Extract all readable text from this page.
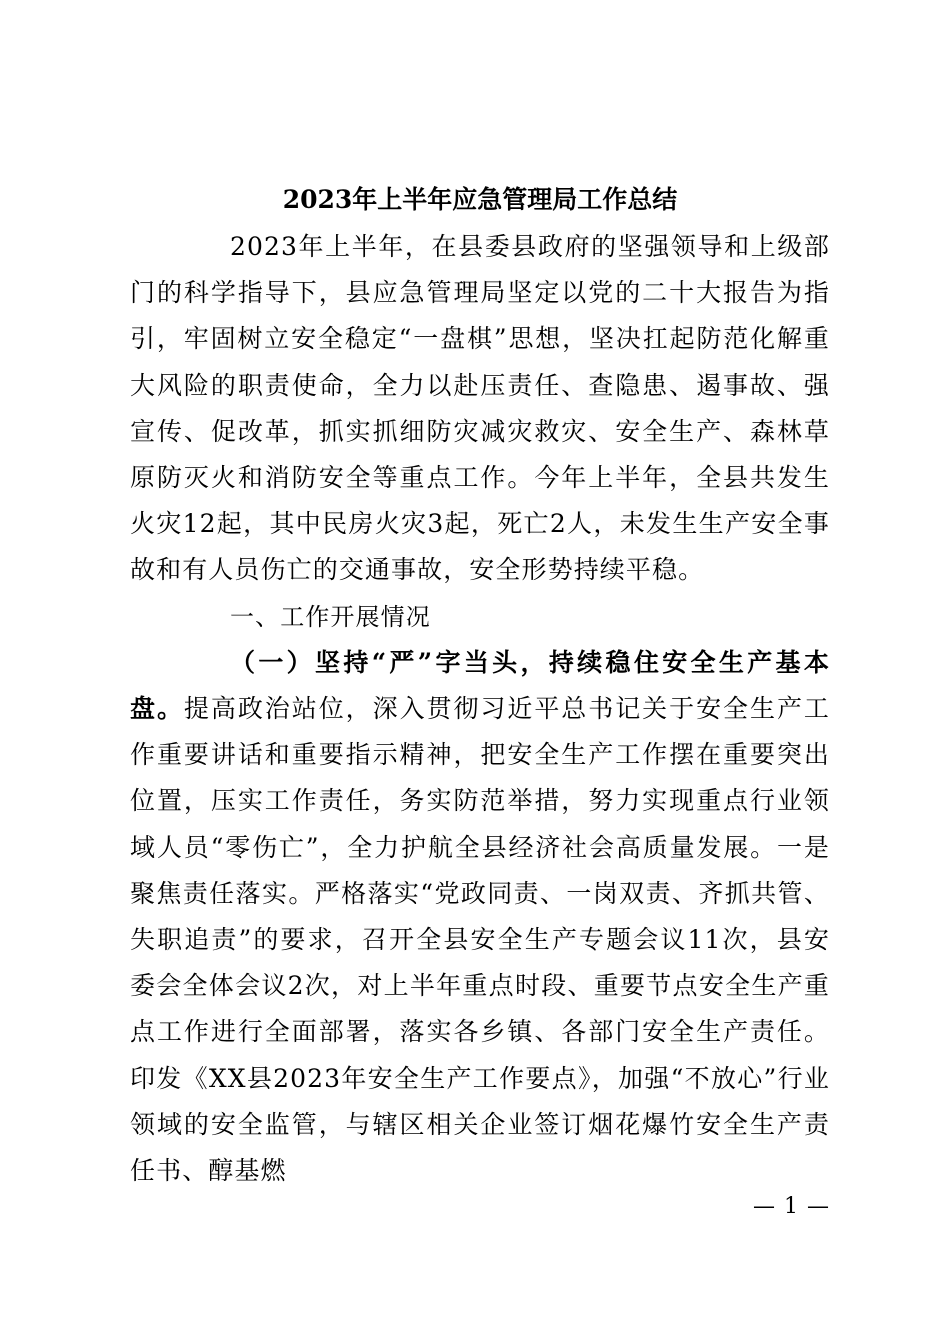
2023年上半年应急管理局工作总结

2023年上半年，在县委县政府的坚强领导和上级部门的科学指导下，县应急管理局坚定以党的二十大报告为指引，牢固树立安全稳定“一盘棋”思想，坚决扛起防范化解重大风险的职责使命，全力以赴压责任、查隐患、遏事故、强宣传、促改革，抓实抓细防灾减灾救灾、安全生产、森林草原防灭火和消防安全等重点工作。今年上半年，全县共发生火灾12起，其中民房火灾3起，死亡2人，未发生生产安全事故和有人员伤亡的交通事故，安全形势持续平稳。

一、工作开展情况

（一）坚持“严”字当头，持续稳住安全生产基本盘。提高政治站位，深入贯彻习近平总书记关于安全生产工作重要讲话和重要指示精神，把安全生产工作摆在重要突出位置，压实工作责任，务实防范举措，努力实现重点行业领域人员“零伤亡”，全力护航全县经济社会高质量发展。一是聚焦责任落实。严格落实“党政同责、一岗双责、齐抓共管、失职追责”的要求，召开全县安全生产专题会议11次，县安委会全体会议2次，对上半年重点时段、重要节点安全生产重点工作进行全面部署，落实各乡镇、各部门安全生产责任。印发《XX县2023年安全生产工作要点》，加强“不放心”行业领域的安全监管，与辖区相关企业签订烟花爆竹安全生产责任书、醇基燃

— 1 —
